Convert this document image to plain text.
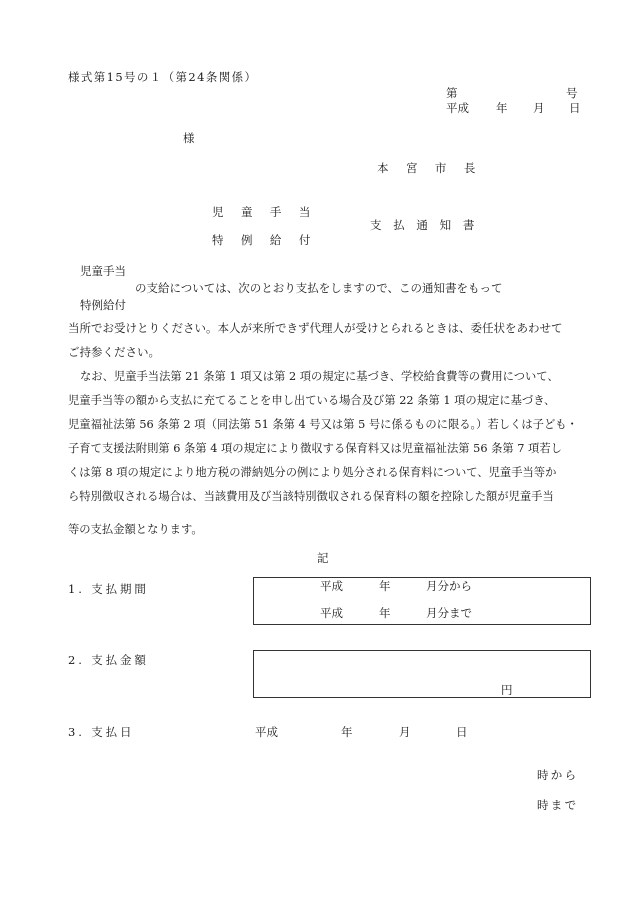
様式第15号の１（第24条関係）
第	号
平成 年 月 日
様
本 宮 市 長
児 童 手 当
支 払 通 知 書
特 例 給 付
児童手当
の支給については、次のとおり支払をしますので、この通知書をもって
特例給付
当所でお受けとりください。本人が来所できず代理人が受けとられるときは、委任状をあわせて
ご持参ください。
なお、児童手当法第 21 条第 1 項又は第 2 項の規定に基づき、学校給食費等の費用について、
児童手当等の額から支払に充てることを申し出ている場合及び第 22 条第 1 項の規定に基づき、
児童福祉法第 56 条第 2 項（同法第 51 条第 4 号又は第 5 号に係るものに限る。）若しくは子ども・
子育て支援法附則第 6 条第 4 項の規定により徴収する保育料又は児童福祉法第 56 条第 7 項若し
くは第 8 項の規定により地方税の滞納処分の例により処分される保育料について、児童手当等か
ら特別徴収される場合は、当該費用及び当該特別徴収される保育料の額を控除した額が児童手当
等の支払金額となります。
記
1. 支払期間	平成	年	月分から
平成	年	月分まで
2. 支払金額
円
3. 支払日	平成	年	月	日
時から
時まで
